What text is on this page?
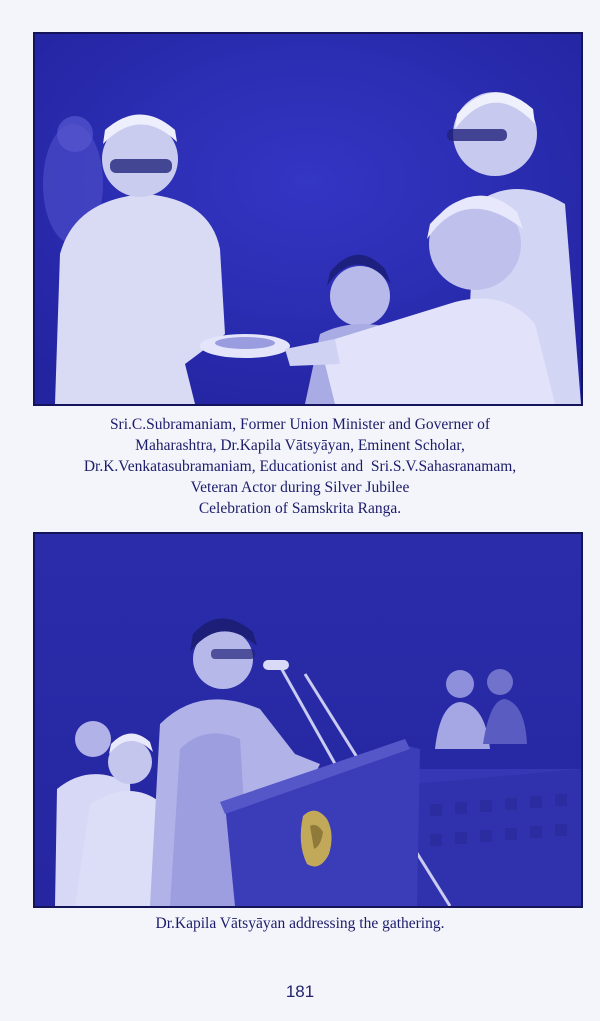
Sri.C.Subramaniam, Former Union Minister and Governer of
Maharashtra, Dr.Kapila Vātsyāyan, Eminent Scholar,
Dr.K.Venkatasubramaniam, Educationist and  Sri.S.V.Sahasranamam,
Veteran Actor during Silver Jubilee
Celebration of Samskrita Ranga.

Dr.Kapila Vātsyāyan addressing the gathering.

181
